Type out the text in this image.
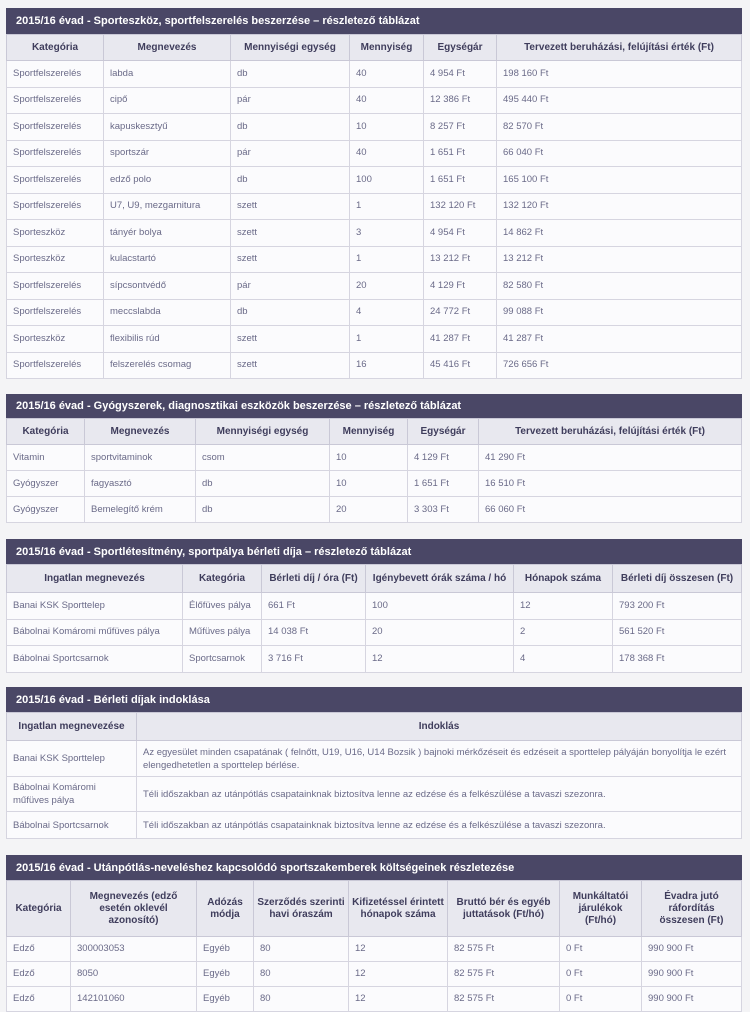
2015/16 évad - Sporteszköz, sportfelszerelés beszerzése – részletező táblázat
Kategória	Megnevezés	Mennyiségi egység	Mennyiség	Egységár	Tervezett beruházási, felújítási érték (Ft)
Sportfelszerelés	labda	db	40	4 954 Ft	198 160 Ft
Sportfelszerelés	cipő	pár	40	12 386 Ft	495 440 Ft
Sportfelszerelés	kapuskesztyű	db	10	8 257 Ft	82 570 Ft
Sportfelszerelés	sportszár	pár	40	1 651 Ft	66 040 Ft
Sportfelszerelés	edző polo	db	100	1 651 Ft	165 100 Ft
Sportfelszerelés	U7, U9, mezgarnitura	szett	1	132 120 Ft	132 120 Ft
Sporteszköz	tányér bolya	szett	3	4 954 Ft	14 862 Ft
Sporteszköz	kulacstartó	szett	1	13 212 Ft	13 212 Ft
Sportfelszerelés	sípcsontvédő	pár	20	4 129 Ft	82 580 Ft
Sportfelszerelés	meccslabda	db	4	24 772 Ft	99 088 Ft
Sporteszköz	flexibilis rúd	szett	1	41 287 Ft	41 287 Ft
Sportfelszerelés	felszerelés csomag	szett	16	45 416 Ft	726 656 Ft
2015/16 évad - Gyógyszerek, diagnosztikai eszközök beszerzése – részletező táblázat
Kategória	Megnevezés	Mennyiségi egység	Mennyiség	Egységár	Tervezett beruházási, felújítási érték (Ft)
Vitamin	sportvitaminok	csom	10	4 129 Ft	41 290 Ft
Gyógyszer	fagyasztó	db	10	1 651 Ft	16 510 Ft
Gyógyszer	Bemelegítő krém	db	20	3 303 Ft	66 060 Ft
2015/16 évad - Sportlétesítmény, sportpálya bérleti díja – részletező táblázat
Ingatlan megnevezés	Kategória	Bérleti díj / óra (Ft)	Igénybevett órák száma / hó	Hónapok száma	Bérleti díj összesen (Ft)
Banai KSK Sporttelep	Élőfüves pálya	661 Ft	100	12	793 200 Ft
Bábolnai Komáromi műfüves pálya	Műfüves pálya	14 038 Ft	20	2	561 520 Ft
Bábolnai Sportcsarnok	Sportcsarnok	3 716 Ft	12	4	178 368 Ft
2015/16 évad - Bérleti díjak indoklása
Ingatlan megnevezése	Indoklás
Banai KSK Sporttelep	Az egyesület minden csapatának ( felnőtt, U19, U16, U14 Bozsik ) bajnoki mérkőzéseit és edzéseit a sporttelep pályáján bonyolítja le ezért elengedhetetlen a sporttelep bérlése.
Bábolnai Komáromi műfüves pálya	Téli időszakban az utánpótlás csapatainknak biztosítva lenne az edzése és a felkészülése a tavaszi szezonra.
Bábolnai Sportcsarnok	Téli időszakban az utánpótlás csapatainknak biztosítva lenne az edzése és a felkészülése a tavaszi szezonra.
2015/16 évad - Utánpótlás-neveléshez kapcsolódó sportszakemberek költségeinek részletezése
Kategória	Megnevezés (edző esetén oklevél azonosító)	Adózás módja	Szerződés szerinti havi óraszám	Kifizetéssel érintett hónapok száma	Bruttó bér és egyéb juttatások (Ft/hó)	Munkáltatói járulékok (Ft/hó)	Évadra jutó ráfordítás összesen (Ft)
Edző	300003053	Egyéb	80	12	82 575 Ft	0 Ft	990 900 Ft
Edző	8050	Egyéb	80	12	82 575 Ft	0 Ft	990 900 Ft
Edző	142101060	Egyéb	80	12	82 575 Ft	0 Ft	990 900 Ft
